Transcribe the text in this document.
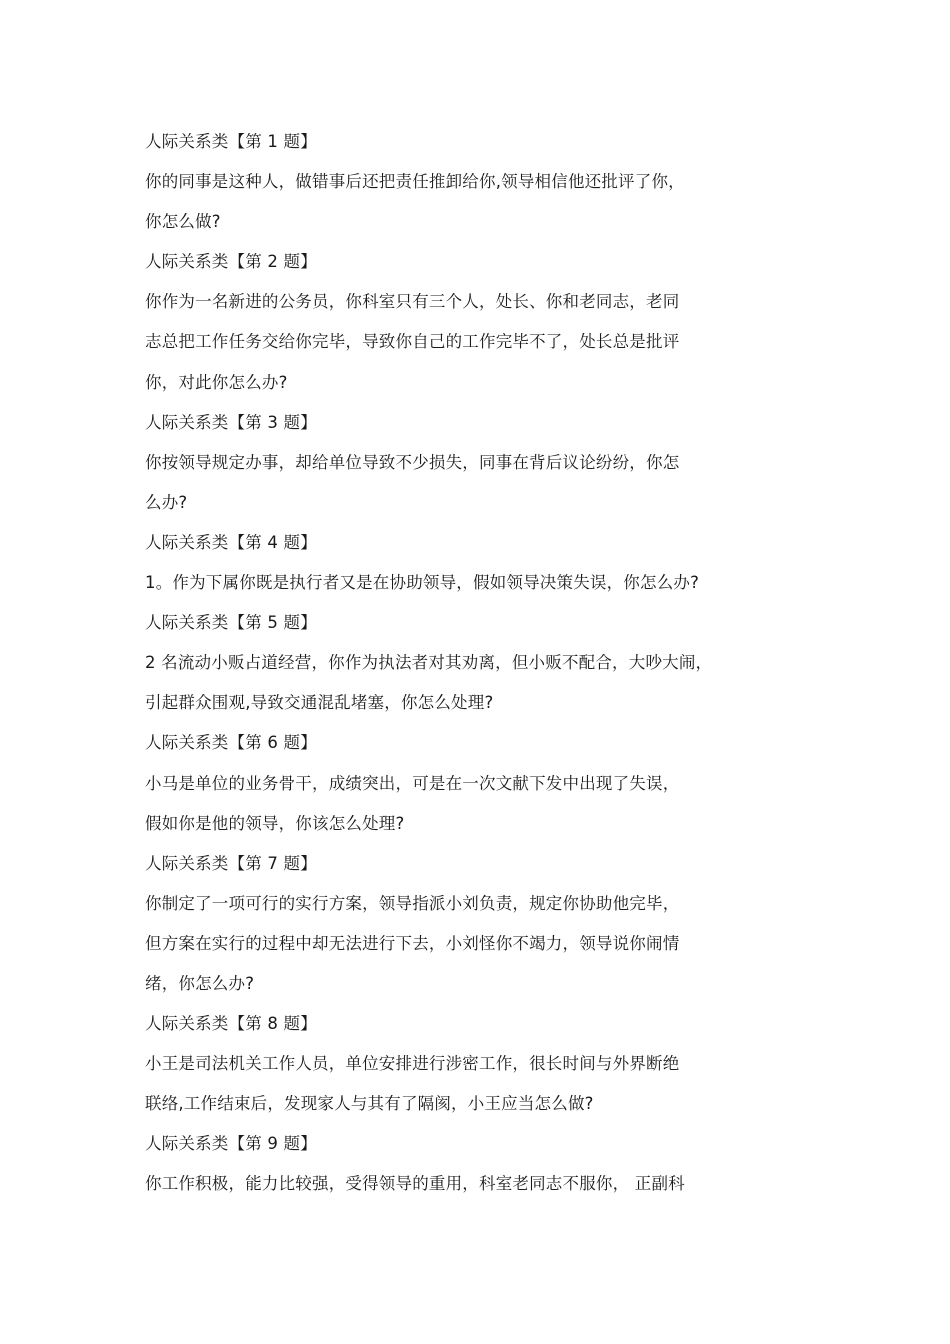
人际关系类【第 1 题】
你的同事是这种人，做错事后还把责任推卸给你,领导相信他还批评了你，
你怎么做?
人际关系类【第 2 题】
你作为一名新进的公务员，你科室只有三个人，处长、你和老同志，老同
志总把工作任务交给你完毕，导致你自己的工作完毕不了，处长总是批评
你，对此你怎么办?
人际关系类【第 3 题】
你按领导规定办事，却给单位导致不少损失，同事在背后议论纷纷，你怎
么办?
人际关系类【第 4 题】
1。作为下属你既是执行者又是在协助领导，假如领导决策失误，你怎么办?
人际关系类【第 5 题】
2 名流动小贩占道经营，你作为执法者对其劝离，但小贩不配合，大吵大闹，
引起群众围观,导致交通混乱堵塞，你怎么处理?
人际关系类【第 6 题】
小马是单位的业务骨干，成绩突出，可是在一次文献下发中出现了失误，
假如你是他的领导，你该怎么处理?
人际关系类【第 7 题】
你制定了一项可行的实行方案，领导指派小刘负责，规定你协助他完毕，
但方案在实行的过程中却无法进行下去，小刘怪你不竭力，领导说你闹情
绪，你怎么办?
人际关系类【第 8 题】
小王是司法机关工作人员，单位安排进行涉密工作，很长时间与外界断绝
联络,工作结束后，发现家人与其有了隔阂，小王应当怎么做?
人际关系类【第 9 题】
你工作积极，能力比较强，受得领导的重用，科室老同志不服你， 正副科
